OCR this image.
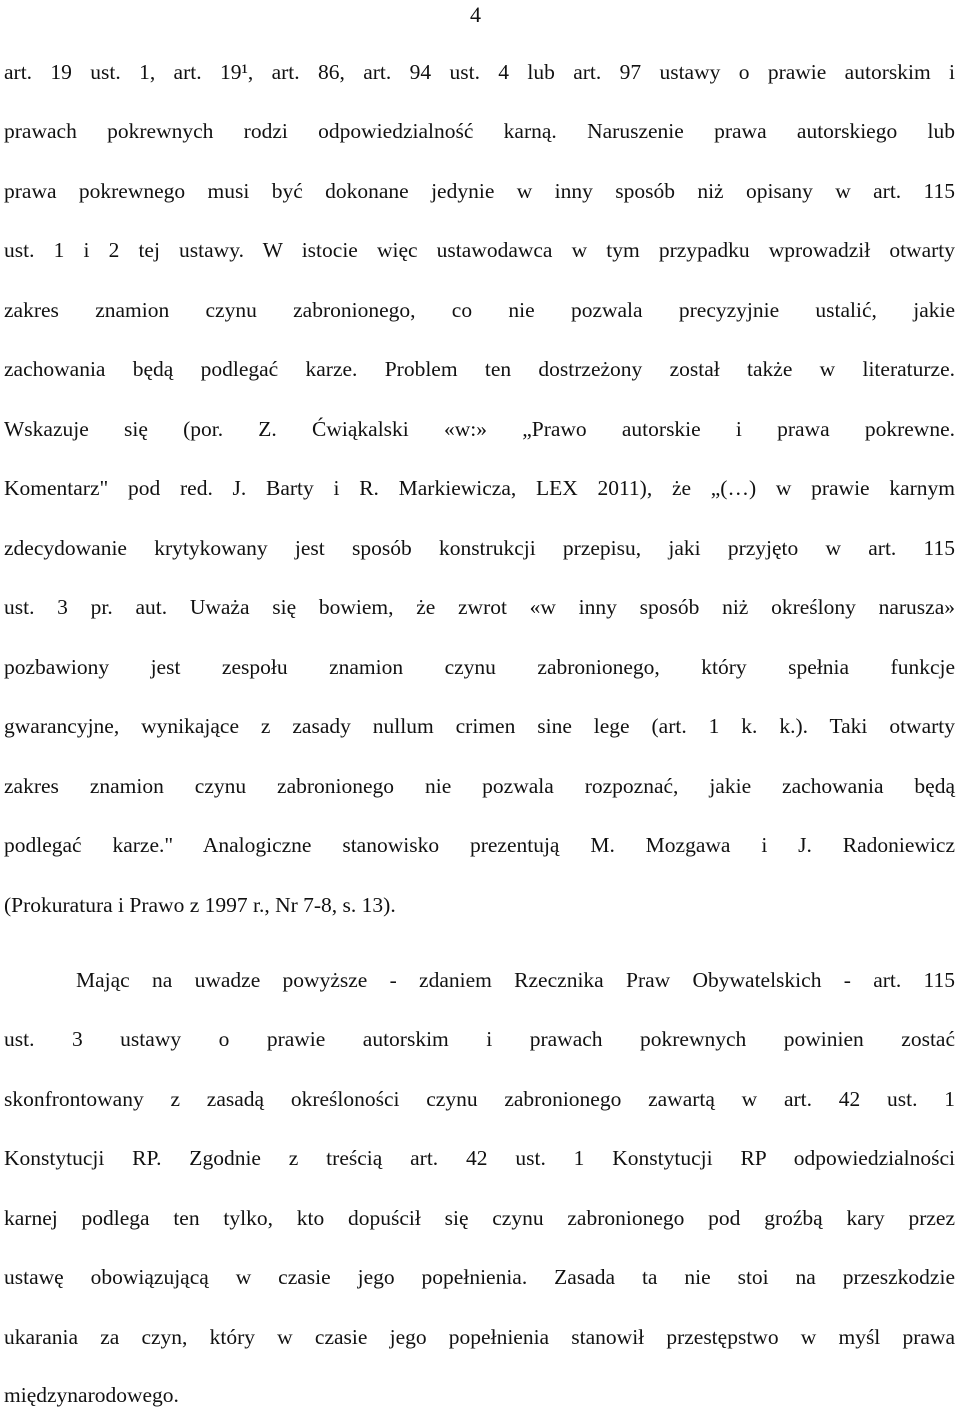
4
art. 19 ust. 1, art. 19¹, art. 86, art. 94 ust. 4 lub art. 97 ustawy o prawie autorskim i
prawach pokrewnych rodzi odpowiedzialność karną. Naruszenie prawa autorskiego lub
prawa pokrewnego musi być dokonane jedynie w inny sposób niż opisany w art. 115
ust. 1 i 2 tej ustawy. W istocie więc ustawodawca w tym przypadku wprowadził otwarty
zakres znamion czynu zabronionego, co nie pozwala precyzyjnie ustalić, jakie
zachowania będą podlegać karze. Problem ten dostrzeżony został także w literaturze.
Wskazuje się (por. Z. Ćwiąkalski «w:» „Prawo autorskie i prawa pokrewne.
Komentarz" pod red. J. Barty i R. Markiewicza, LEX 2011), że „(…) w prawie karnym
zdecydowanie krytykowany jest sposób konstrukcji przepisu, jaki przyjęto w art. 115
ust. 3 pr. aut. Uważa się bowiem, że zwrot «w inny sposób niż określony narusza»
pozbawiony jest zespołu znamion czynu zabronionego, który spełnia funkcje
gwarancyjne, wynikające z zasady nullum crimen sine lege (art. 1 k. k.). Taki otwarty
zakres znamion czynu zabronionego nie pozwala rozpoznać, jakie zachowania będą
podlegać karze." Analogiczne stanowisko prezentują M. Mozgawa i J. Radoniewicz
(Prokuratura i Prawo z 1997 r., Nr 7-8, s. 13).
Mając na uwadze powyższe - zdaniem Rzecznika Praw Obywatelskich - art. 115
ust. 3 ustawy o prawie autorskim i prawach pokrewnych powinien zostać
skonfrontowany z zasadą określoności czynu zabronionego zawartą w art. 42 ust. 1
Konstytucji RP. Zgodnie z treścią art. 42 ust. 1 Konstytucji RP odpowiedzialności
karnej podlega ten tylko, kto dopuścił się czynu zabronionego pod groźbą kary przez
ustawę obowiązującą w czasie jego popełnienia. Zasada ta nie stoi na przeszkodzie
ukarania za czyn, który w czasie jego popełnienia stanowił przestępstwo w myśl prawa
międzynarodowego.
